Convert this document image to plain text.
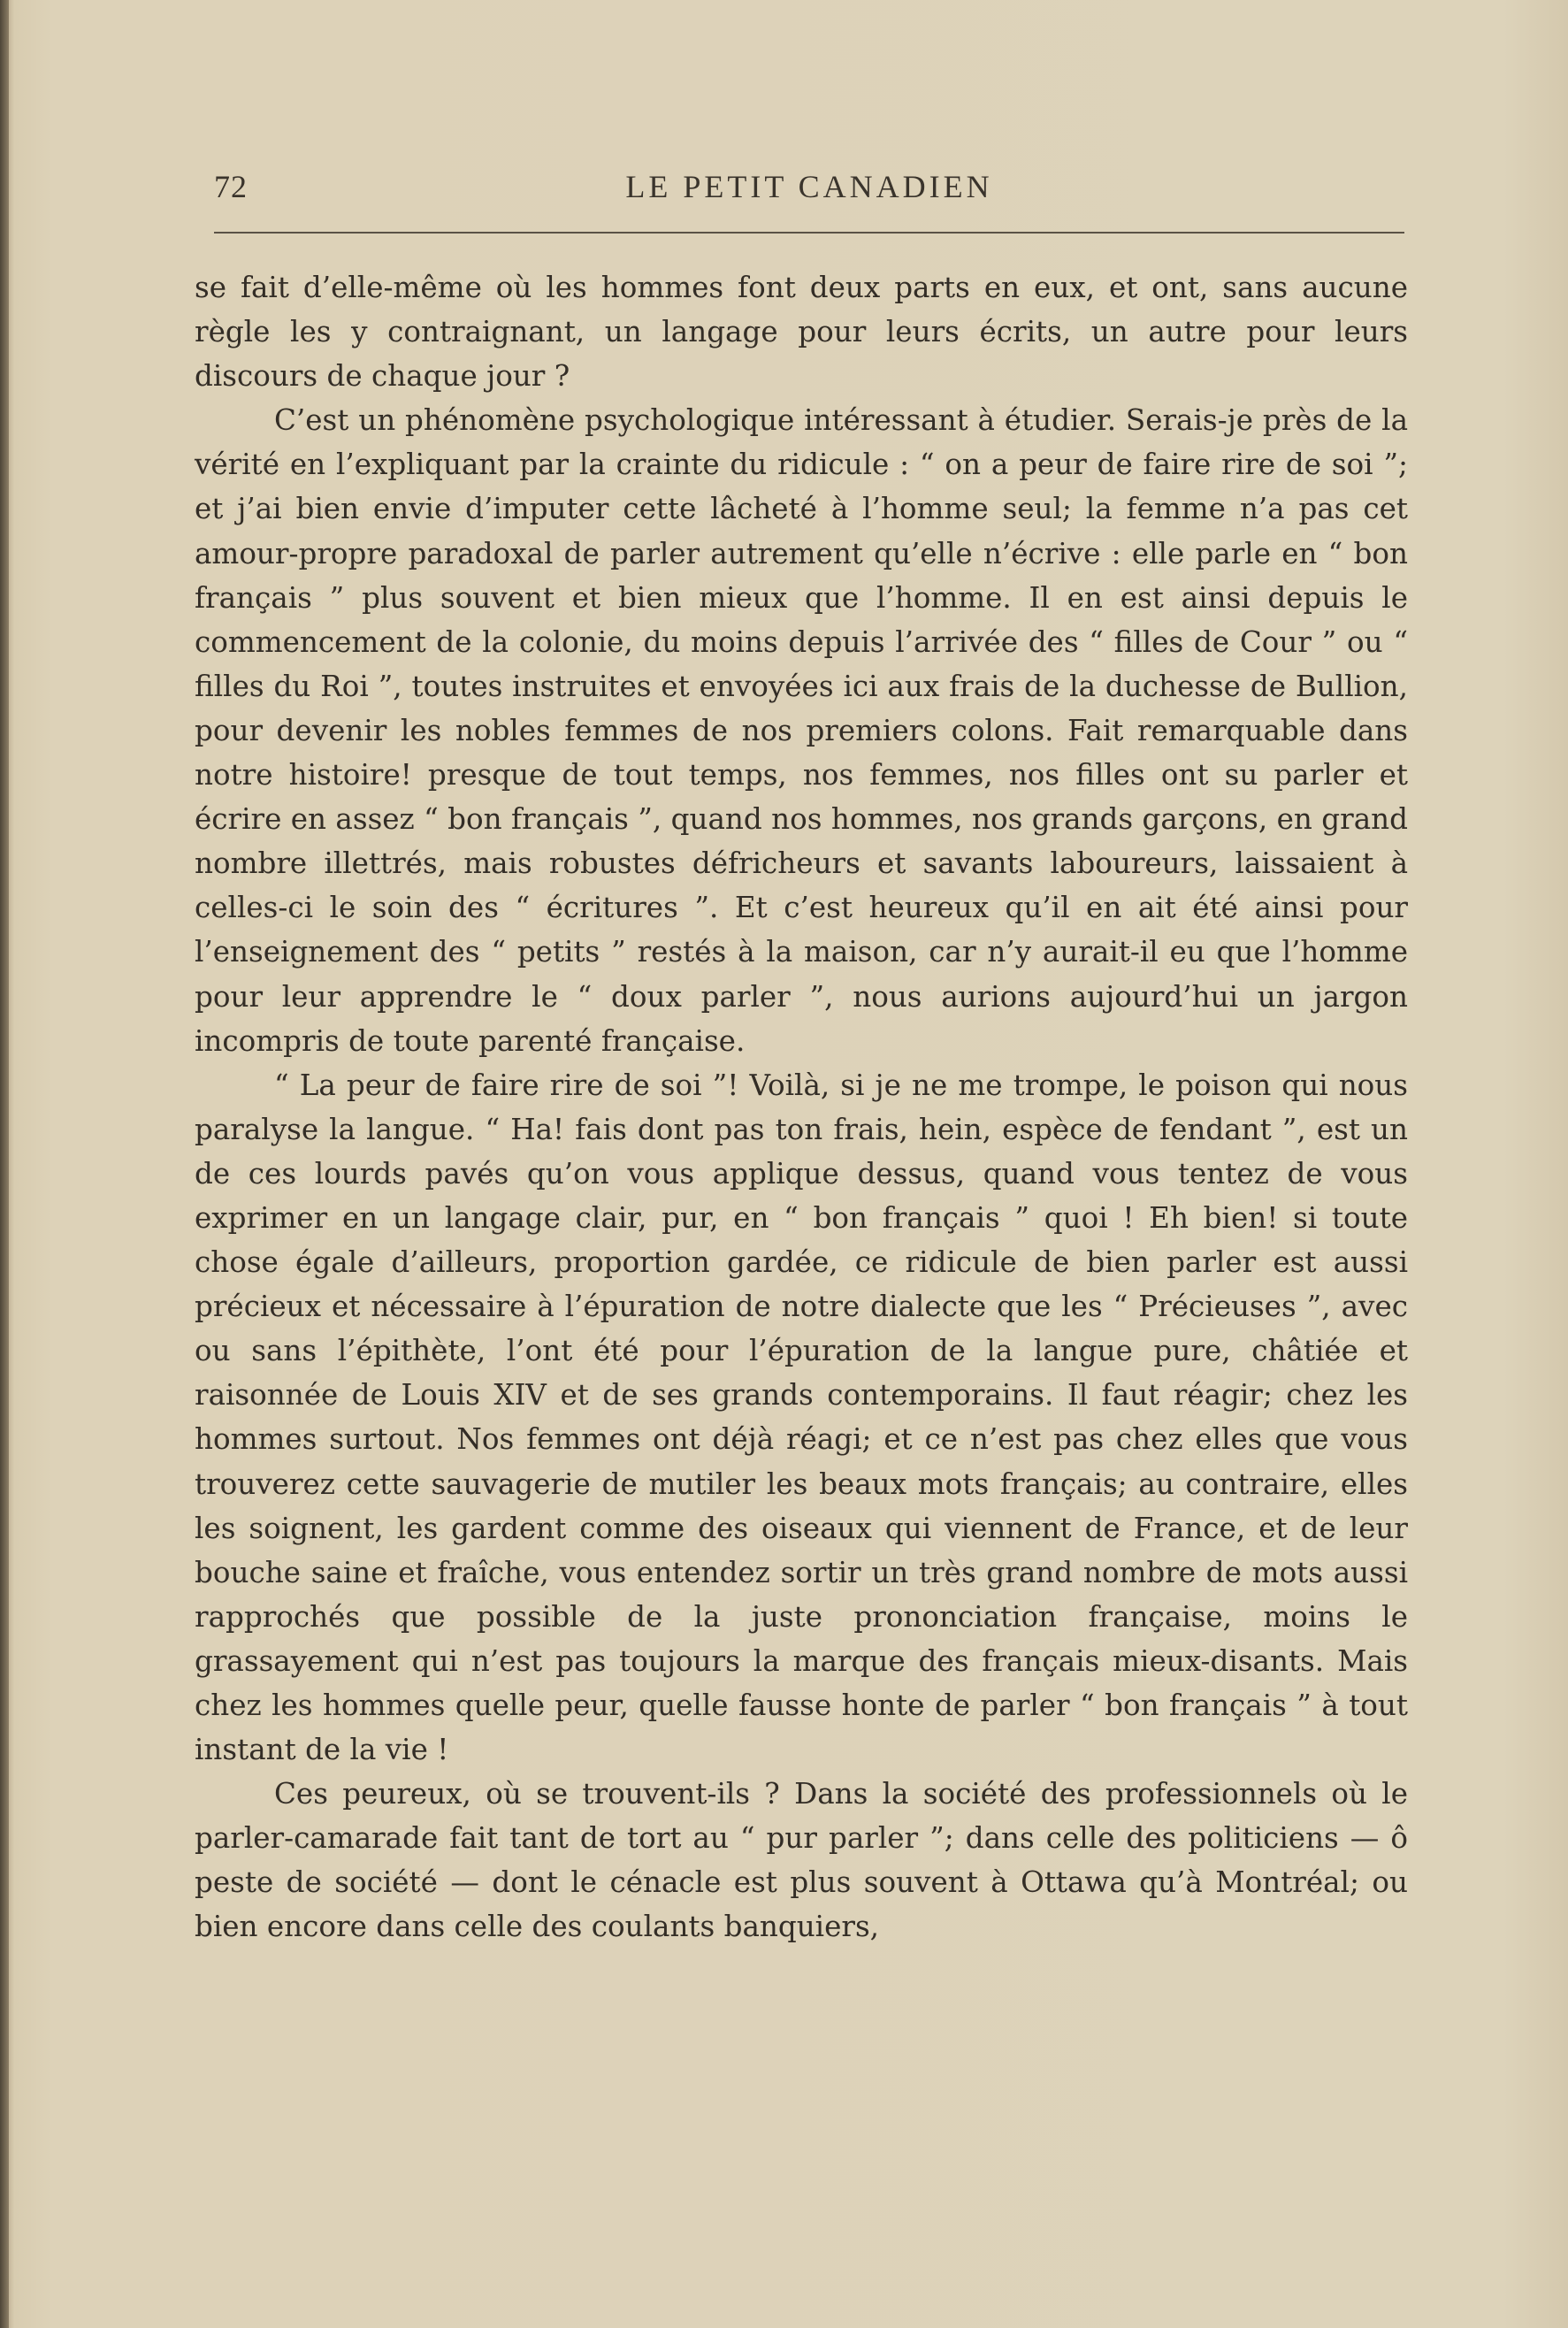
72	LE PETIT CANADIEN

se fait d’elle-même où les hommes font deux parts en eux, et ont, sans aucune règle les y contraignant, un langage pour leurs écrits, un autre pour leurs discours de chaque jour ?

C’est un phénomène psychologique intéressant à étudier. Serais-je près de la vérité en l’expliquant par la crainte du ridicule : “ on a peur de faire rire de soi ”; et j’ai bien envie d’imputer cette lâcheté à l’homme seul; la femme n’a pas cet amour-propre paradoxal de parler autrement qu’elle n’écrive : elle parle en “ bon français ” plus souvent et bien mieux que l’homme. Il en est ainsi depuis le commencement de la colonie, du moins depuis l’arrivée des “ filles de Cour ” ou “ filles du Roi ”, toutes instruites et envoyées ici aux frais de la duchesse de Bullion, pour devenir les nobles femmes de nos premiers colons. Fait remarquable dans notre histoire! presque de tout temps, nos femmes, nos filles ont su parler et écrire en assez “ bon français ”, quand nos hommes, nos grands garçons, en grand nombre illettrés, mais robustes défricheurs et savants laboureurs, laissaient à celles-ci le soin des “ écritures ”. Et c’est heureux qu’il en ait été ainsi pour l’enseignement des “ petits ” restés à la maison, car n’y aurait-il eu que l’homme pour leur apprendre le “ doux parler ”, nous aurions aujourd’hui un jargon incompris de toute parenté française.

“ La peur de faire rire de soi ”! Voilà, si je ne me trompe, le poison qui nous paralyse la langue. “ Ha! fais dont pas ton frais, hein, espèce de fendant ”, est un de ces lourds pavés qu’on vous applique dessus, quand vous tentez de vous exprimer en un langage clair, pur, en “ bon français ” quoi ! Eh bien! si toute chose égale d’ailleurs, proportion gardée, ce ridicule de bien parler est aussi précieux et nécessaire à l’épuration de notre dialecte que les “ Précieuses ”, avec ou sans l’épithète, l’ont été pour l’épuration de la langue pure, châtiée et raisonnée de Louis XIV et de ses grands contemporains. Il faut réagir; chez les hommes surtout. Nos femmes ont déjà réagi; et ce n’est pas chez elles que vous trouverez cette sauvagerie de mutiler les beaux mots français; au contraire, elles les soignent, les gardent comme des oiseaux qui viennent de France, et de leur bouche saine et fraîche, vous entendez sortir un très grand nombre de mots aussi rapprochés que possible de la juste prononciation française, moins le grassayement qui n’est pas toujours la marque des français mieux-disants. Mais chez les hommes quelle peur, quelle fausse honte de parler “ bon français ” à tout instant de la vie !

Ces peureux, où se trouvent-ils ? Dans la société des professionnels où le parler-camarade fait tant de tort au “ pur parler ”; dans celle des politiciens — ô peste de société — dont le cénacle est plus souvent à Ottawa qu’à Montréal; ou bien encore dans celle des coulants banquiers,
